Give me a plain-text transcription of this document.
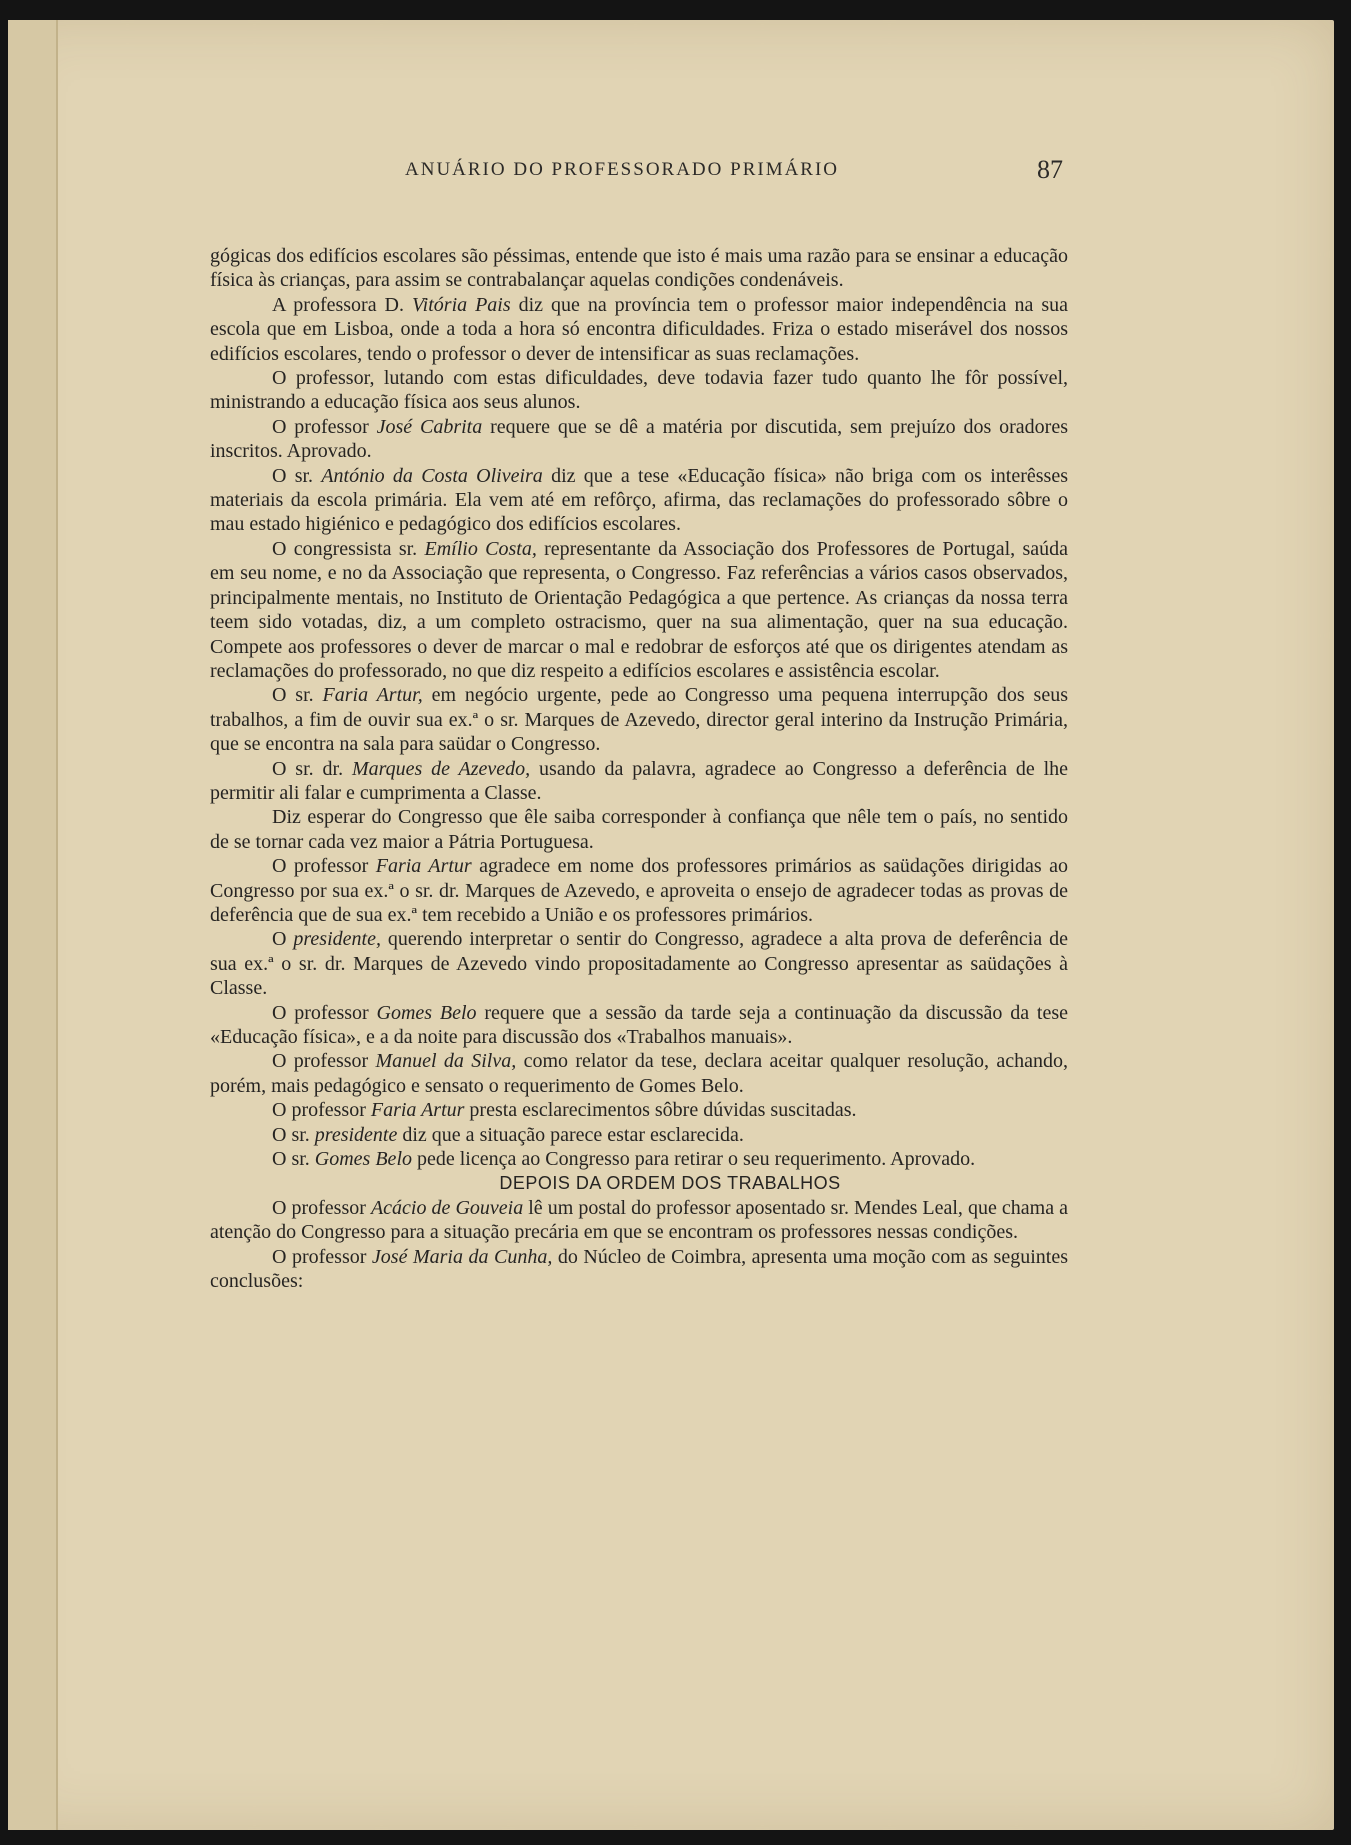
ANUÁRIO DO PROFESSORADO PRIMÁRIO	87

gógicas dos edifícios escolares são péssimas, entende que isto é mais uma razão para se ensinar a educação física às crianças, para assim se contrabalançar aquelas condições condenáveis.

A professora D. Vitória Pais diz que na província tem o professor maior independência na sua escola que em Lisboa, onde a toda a hora só encontra dificuldades. Friza o estado miserável dos nossos edifícios escolares, tendo o professor o dever de intensificar as suas reclamações.

O professor, lutando com estas dificuldades, deve todavia fazer tudo quanto lhe fôr possível, ministrando a educação física aos seus alunos.

O professor José Cabrita requere que se dê a matéria por discutida, sem prejuízo dos oradores inscritos. Aprovado.

O sr. António da Costa Oliveira diz que a tese «Educação física» não briga com os interêsses materiais da escola primária. Ela vem até em refôrço, afirma, das reclamações do professorado sôbre o mau estado higiénico e pedagógico dos edifícios escolares.

O congressista sr. Emílio Costa, representante da Associação dos Professores de Portugal, saúda em seu nome, e no da Associação que representa, o Congresso. Faz referências a vários casos observados, principalmente mentais, no Instituto de Orientação Pedagógica a que pertence. As crianças da nossa terra teem sido votadas, diz, a um completo ostracismo, quer na sua alimentação, quer na sua educação. Compete aos professores o dever de marcar o mal e redobrar de esforços até que os dirigentes atendam as reclamações do professorado, no que diz respeito a edifícios escolares e assistência escolar.

O sr. Faria Artur, em negócio urgente, pede ao Congresso uma pequena interrupção dos seus trabalhos, a fim de ouvir sua ex.ª o sr. Marques de Azevedo, director geral interino da Instrução Primária, que se encontra na sala para saüdar o Congresso.

O sr. dr. Marques de Azevedo, usando da palavra, agradece ao Congresso a deferência de lhe permitir ali falar e cumprimenta a Classe.

Diz esperar do Congresso que êle saiba corresponder à confiança que nêle tem o país, no sentido de se tornar cada vez maior a Pátria Portuguesa.

O professor Faria Artur agradece em nome dos professores primários as saüdações dirigidas ao Congresso por sua ex.ª o sr. dr. Marques de Azevedo, e aproveita o ensejo de agradecer todas as provas de deferência que de sua ex.ª tem recebido a União e os professores primários.

O presidente, querendo interpretar o sentir do Congresso, agradece a alta prova de deferência de sua ex.ª o sr. dr. Marques de Azevedo vindo propositadamente ao Congresso apresentar as saüdações à Classe.

O professor Gomes Belo requere que a sessão da tarde seja a continuação da discussão da tese «Educação física», e a da noite para discussão dos «Trabalhos manuais».

O professor Manuel da Silva, como relator da tese, declara aceitar qualquer resolução, achando, porém, mais pedagógico e sensato o requerimento de Gomes Belo.

O professor Faria Artur presta esclarecimentos sôbre dúvidas suscitadas.

O sr. presidente diz que a situação parece estar esclarecida.

O sr. Gomes Belo pede licença ao Congresso para retirar o seu requerimento. Aprovado.

DEPOIS DA ORDEM DOS TRABALHOS

O professor Acácio de Gouveia lê um postal do professor aposentado sr. Mendes Leal, que chama a atenção do Congresso para a situação precária em que se encontram os professores nessas condições.

O professor José Maria da Cunha, do Núcleo de Coimbra, apresenta uma moção com as seguintes conclusões:
